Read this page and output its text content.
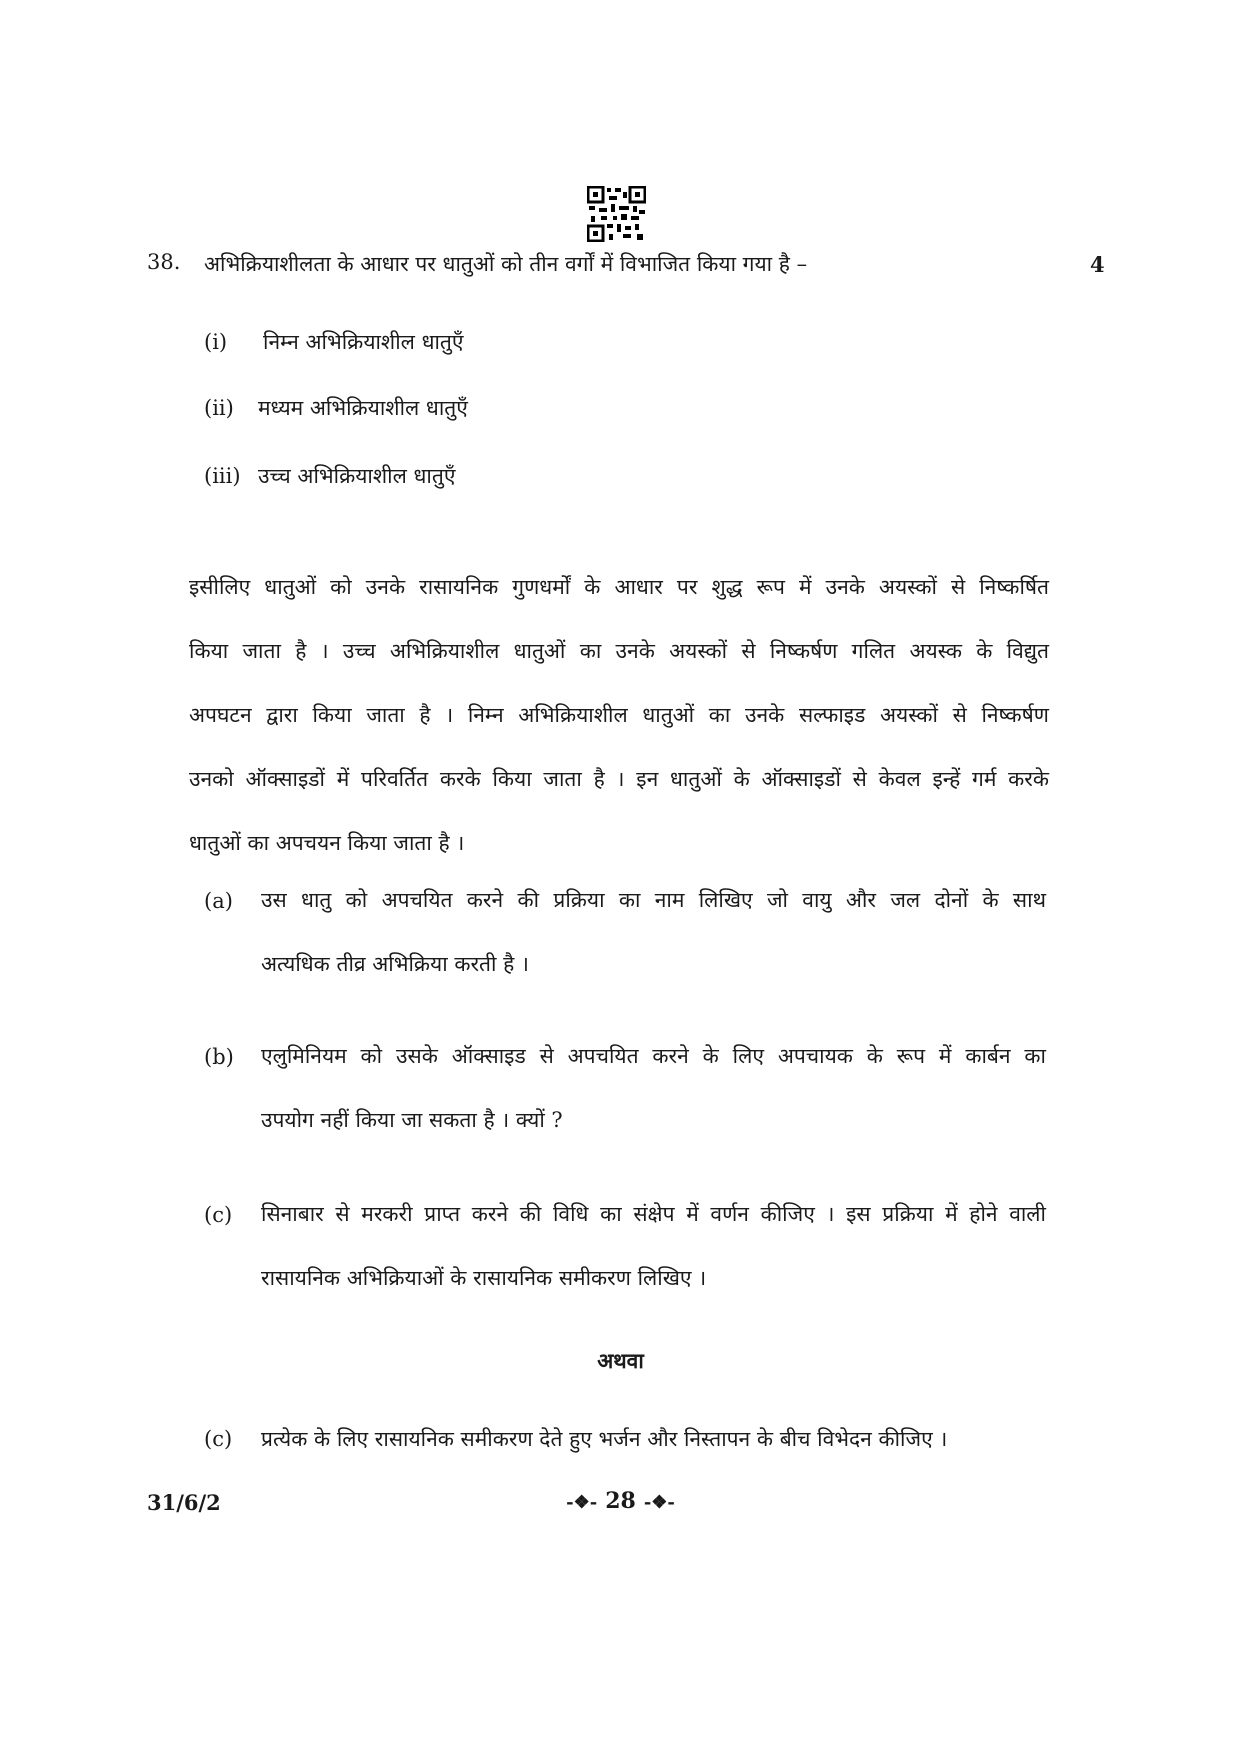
38. अभिक्रियाशीलता के आधार पर धातुओं को तीन वर्गों में विभाजित किया गया है –	4
(i) निम्न अभिक्रियाशील धातुएँ
(ii) मध्यम अभिक्रियाशील धातुएँ
(iii) उच्च अभिक्रियाशील धातुएँ
इसीलिए धातुओं को उनके रासायनिक गुणधर्मों के आधार पर शुद्ध रूप में उनके अयस्कों से निष्कर्षित
किया जाता है । उच्च अभिक्रियाशील धातुओं का उनके अयस्कों से निष्कर्षण गलित अयस्क के विद्युत
अपघटन द्वारा किया जाता है । निम्न अभिक्रियाशील धातुओं का उनके सल्फाइड अयस्कों से निष्कर्षण
उनको ऑक्साइडों में परिवर्तित करके किया जाता है । इन धातुओं के ऑक्साइडों से केवल इन्हें गर्म करके
धातुओं का अपचयन किया जाता है ।
(a) उस धातु को अपचयित करने की प्रक्रिया का नाम लिखिए जो वायु और जल दोनों के साथ
अत्यधिक तीव्र अभिक्रिया करती है ।
(b) एलुमिनियम को उसके ऑक्साइड से अपचयित करने के लिए अपचायक के रूप में कार्बन का
उपयोग नहीं किया जा सकता है । क्यों ?
(c) सिनाबार से मरकरी प्राप्त करने की विधि का संक्षेप में वर्णन कीजिए । इस प्रक्रिया में होने वाली
रासायनिक अभिक्रियाओं के रासायनिक समीकरण लिखिए ।
अथवा
(c) प्रत्येक के लिए रासायनिक समीकरण देते हुए भर्जन और निस्तापन के बीच विभेदन कीजिए ।
31/6/2	-❖- 28 -❖-
